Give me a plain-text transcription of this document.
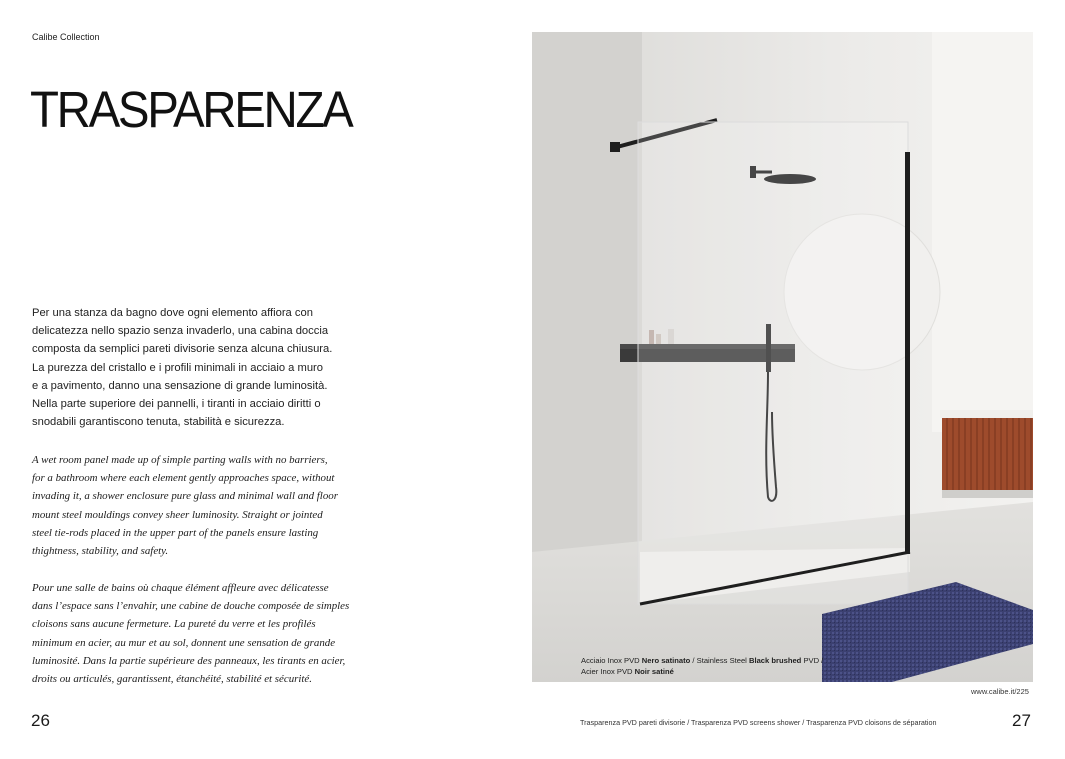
Calibe Collection
TRASPARENZA
Per una stanza da bagno dove ogni elemento affiora con
delicatezza nello spazio senza invaderlo, una cabina doccia
composta da semplici pareti divisorie senza alcuna chiusura.
La purezza del cristallo e i profili minimali in acciaio a muro
e a pavimento, danno una sensazione di grande luminosità.
Nella parte superiore dei pannelli, i tiranti in acciaio diritti o
snodabili garantiscono tenuta, stabilità e sicurezza.
A wet room panel made up of simple parting walls with no barriers,
for a bathroom where each element gently approaches space, without
invading it, a shower enclosure pure glass and minimal wall and floor
mount steel mouldings convey sheer luminosity. Straight or jointed
steel tie-rods placed in the upper part of the panels ensure lasting
thightness, stability, and safety.
Pour une salle de bains où chaque élément affleure avec délicatesse
dans l’espace sans l’envahir, une cabine de douche composée de simples
cloisons sans aucune fermeture. La pureté du verre et les profilés
minimum en acier, au mur et au sol, donnent une sensation de grande
luminosité. Dans la partie supérieure des panneaux, les tirants en acier,
droits ou articulés, garantissent, étanchéité, stabilité et sécurité.
26
Acciaio Inox PVD Nero satinato / Stainless Steel Black brushed PVD /
Acier Inox PVD Noir satiné
www.calibe.it/225
Trasparenza PVD pareti divisorie / Trasparenza PVD screens shower / Trasparenza PVD cloisons de séparation	27
